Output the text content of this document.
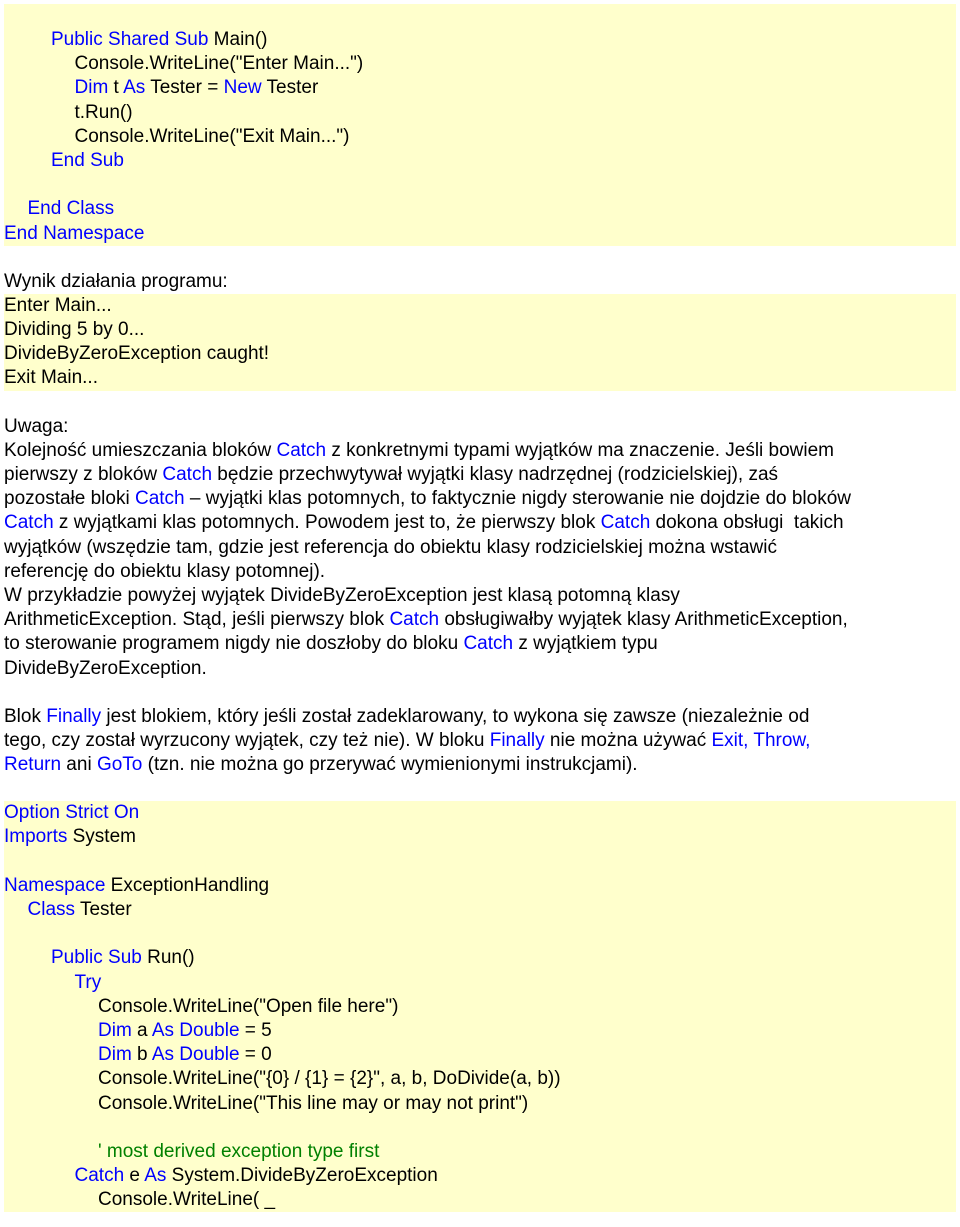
Public Shared Sub Main()
Console.WriteLine("Enter Main...")
Dim t As Tester = New Tester
t.Run()
Console.WriteLine("Exit Main...")
End Sub
End Class
End Namespace
Wynik działania programu:
Enter Main...
Dividing 5 by 0...
DivideByZeroException caught!
Exit Main...
Uwaga:
Kolejność umieszczania bloków Catch z konkretnymi typami wyjątków ma znaczenie. Jeśli bowiem
pierwszy z bloków Catch będzie przechwytywał wyjątki klasy nadrzędnej (rodzicielskiej), zaś
pozostałe bloki Catch – wyjątki klas potomnych, to faktycznie nigdy sterowanie nie dojdzie do bloków
Catch z wyjątkami klas potomnych. Powodem jest to, że pierwszy blok Catch dokona obsługi  takich
wyjątków (wszędzie tam, gdzie jest referencja do obiektu klasy rodzicielskiej można wstawić
referencję do obiektu klasy potomnej).
W przykładzie powyżej wyjątek DivideByZeroException jest klasą potomną klasy
ArithmeticException. Stąd, jeśli pierwszy blok Catch obsługiwałby wyjątek klasy ArithmeticException,
to sterowanie programem nigdy nie doszłoby do bloku Catch z wyjątkiem typu
DivideByZeroException.
Blok Finally jest blokiem, który jeśli został zadeklarowany, to wykona się zawsze (niezależnie od
tego, czy został wyrzucony wyjątek, czy też nie). W bloku Finally nie można używać Exit, Throw,
Return ani GoTo (tzn. nie można go przerywać wymienionymi instrukcjami).
Option Strict On
Imports System
Namespace ExceptionHandling
Class Tester
Public Sub Run()
Try
Console.WriteLine("Open file here")
Dim a As Double = 5
Dim b As Double = 0
Console.WriteLine("{0} / {1} = {2}", a, b, DoDivide(a, b))
Console.WriteLine("This line may or may not print")
' most derived exception type first
Catch e As System.DivideByZeroException
Console.WriteLine( _
